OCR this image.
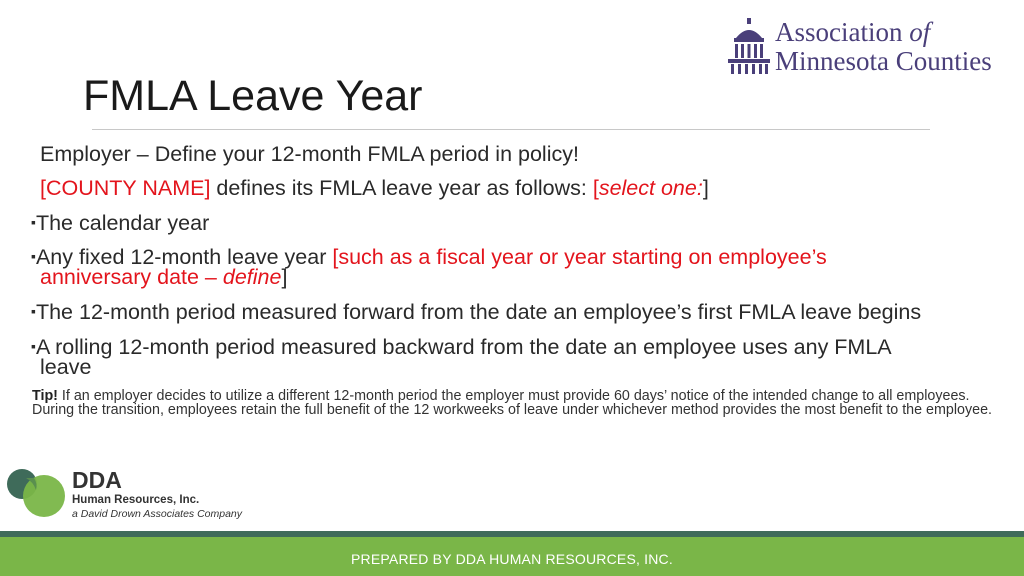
Association of
Minnesota Counties
FMLA Leave Year
Employer – Define your 12-month FMLA period in policy!
[COUNTY NAME] defines its FMLA leave year as follows: [select one:]
▪The calendar year
▪Any fixed 12-month leave year [such as a fiscal year or year starting on employee’s
anniversary date – define]
▪The 12-month period measured forward from the date an employee’s first FMLA leave begins
▪A rolling 12-month period measured backward from the date an employee uses any FMLA
leave
Tip! If an employer decides to utilize a different 12-month period the employer must provide 60 days’ notice of the intended change to all employees. During the transition, employees retain the full benefit of the 12 workweeks of leave under whichever method provides the most benefit to the employee.
DDA
Human Resources, Inc.
a David Drown Associates Company
PREPARED BY DDA HUMAN RESOURCES, INC.
